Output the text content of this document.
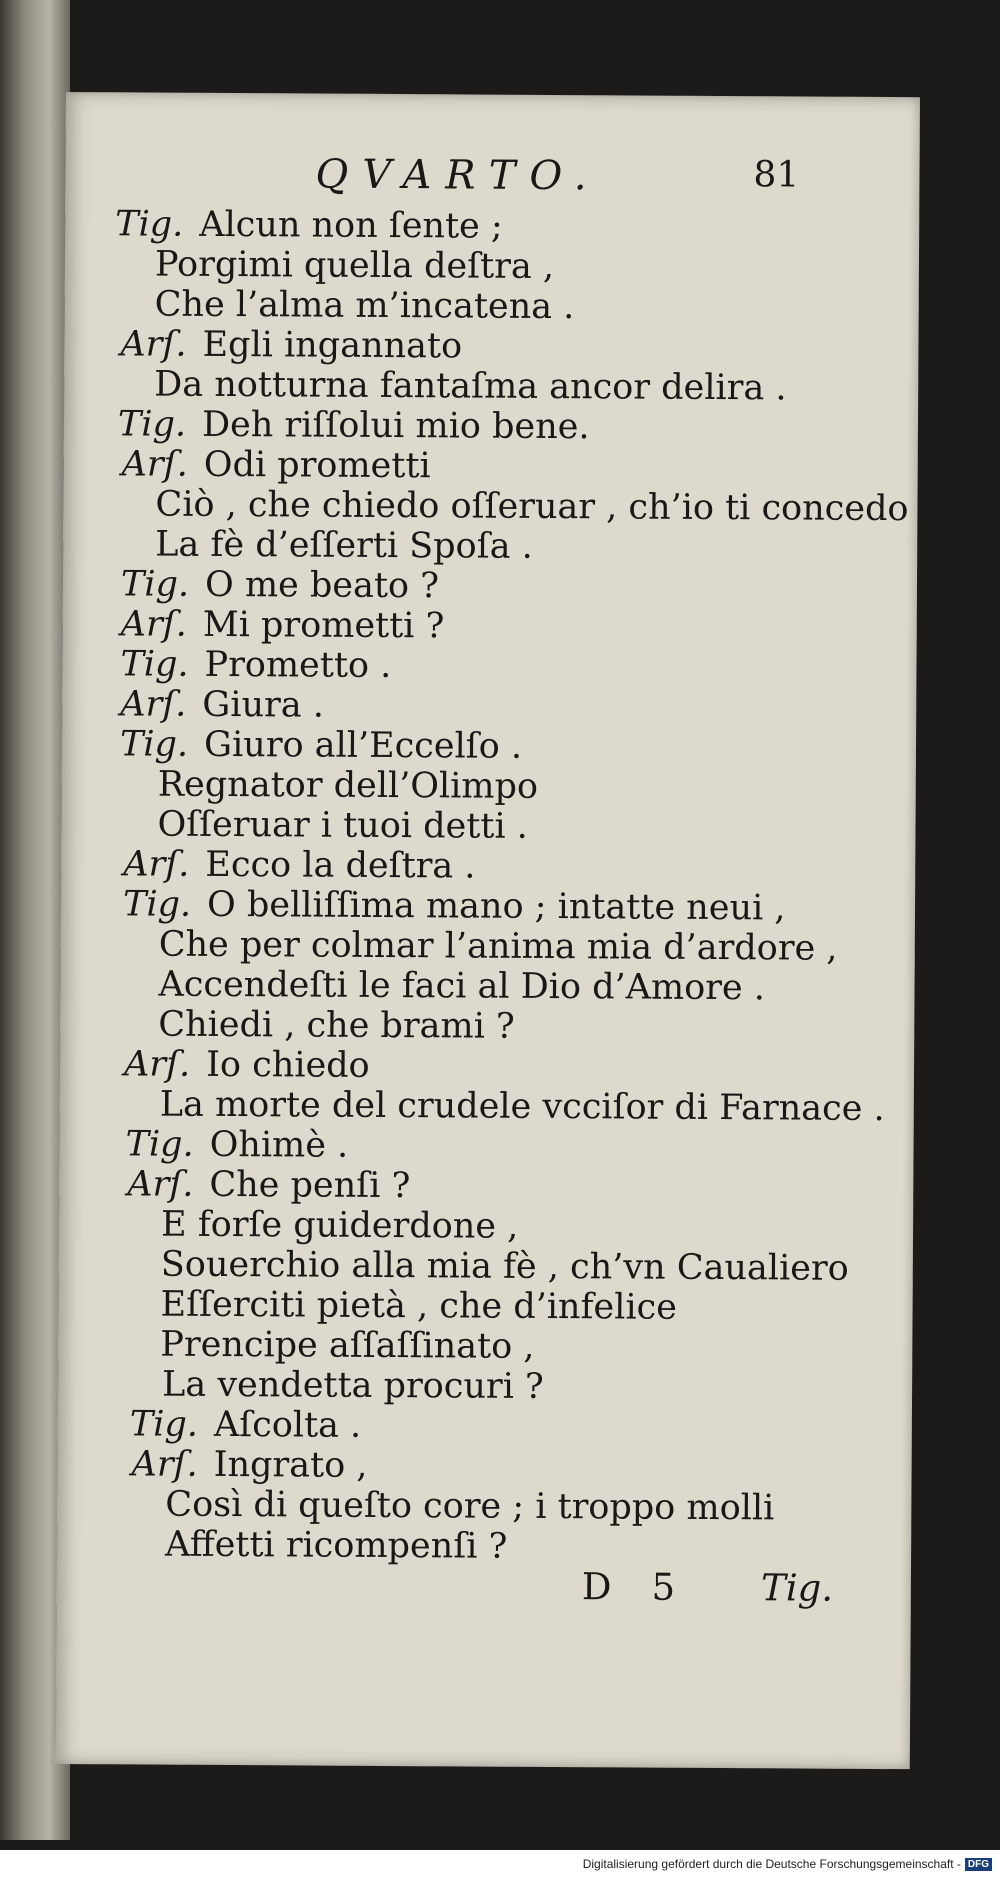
QVARTO.	81
Tig. Alcun non ſente ;
Porgimi quella deſtra ,
Che l’alma m’incatena .
Arſ. Egli ingannato
Da notturna fantaſma ancor delira .
Tig. Deh riſſolui mio bene.
Arſ. Odi prometti
Ciò , che chiedo oſſeruar , ch’io ti concedo
La fè d’eſſerti Spoſa .
Tig. O me beato ?
Arſ. Mi prometti ?
Tig. Prometto .
Arſ. Giura .
Tig. Giuro all’Eccelſo .
Regnator dell’Olimpo
Oſſeruar i tuoi detti .
Arſ. Ecco la deſtra .
Tig. O belliſſima mano ; intatte neui ,
Che per colmar l’anima mia d’ardore ,
Accendeſti le faci al Dio d’Amore .
Chiedi , che brami ?
Arſ. Io chiedo
La morte del crudele vcciſor di Farnace .
Tig. Ohimè .
Arſ. Che penſi ?
E forſe guiderdone ,
Souerchio alla mia fè , ch’vn Caualiero
Eſſerciti pietà , che d’infelice
Prencipe aſſaſſinato ,
La vendetta procuri ?
Tig. Aſcolta .
Arſ. Ingrato ,
Così di queſto core ; i troppo molli
Affetti ricompenſi ?
D 5 Tig.
Digitalisierung gefördert durch die Deutsche Forschungsgemeinschaft - DFG
